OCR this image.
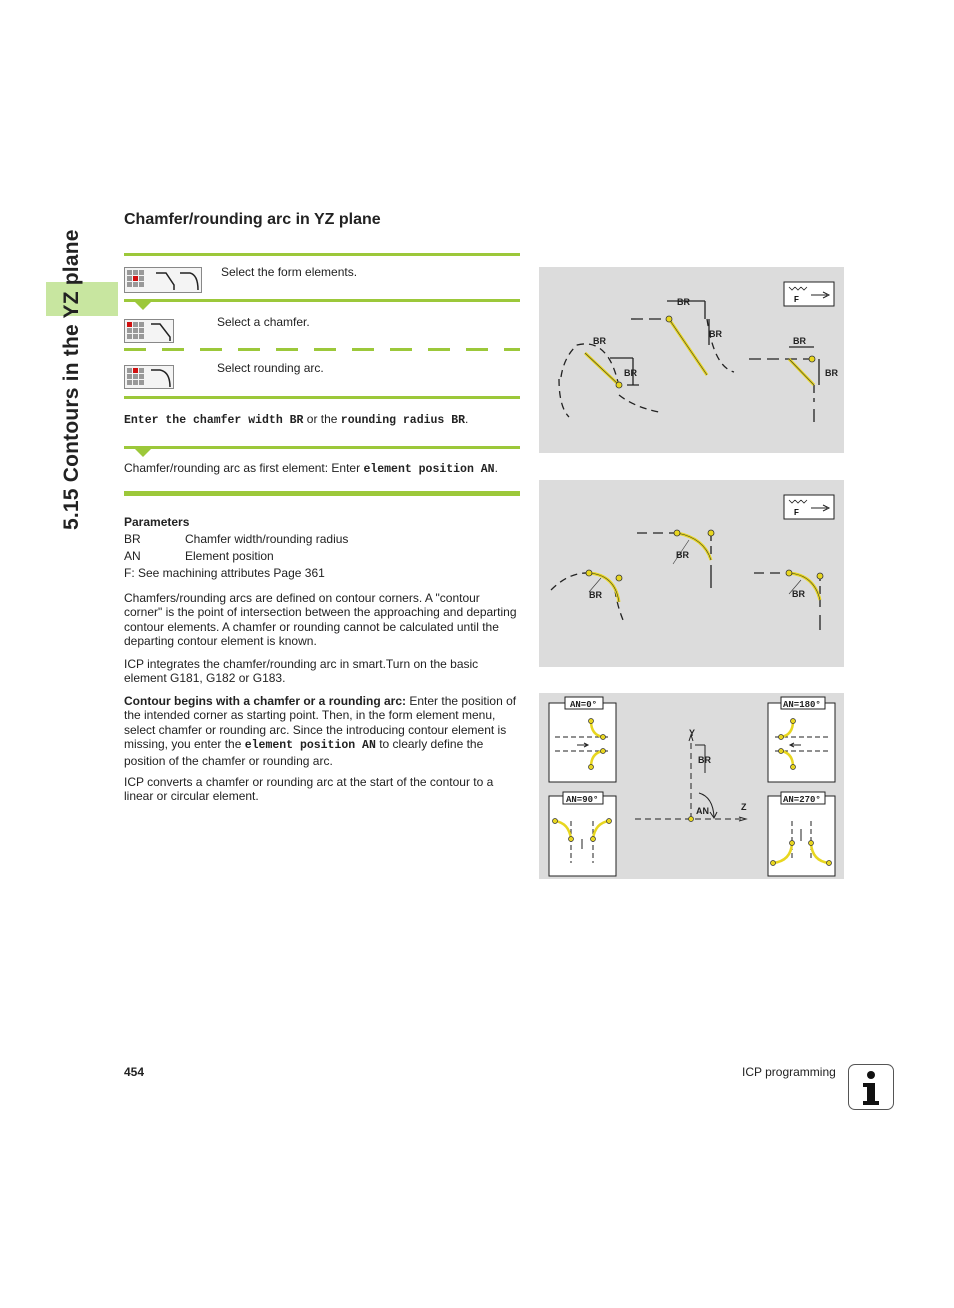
5.15 Contours in the YZ plane
Chamfer/rounding arc in YZ plane
Select the form elements.
Select a chamfer.
Select rounding arc.
Enter the chamfer width BR or the rounding radius BR.
Chamfer/rounding arc as first element: Enter element position AN.
Parameters
BR	Chamfer width/rounding radius
AN	Element position
F: See machining attributes Page 361
Chamfers/rounding arcs are defined on contour corners. A "contour corner" is the point of intersection between the approaching and departing contour elements. A chamfer or rounding cannot be calculated until the departing contour element is known.
ICP integrates the chamfer/rounding arc in smart.Turn on the basic element G181, G182 or G183.
Contour begins with a chamfer or a rounding arc: Enter the position of the intended corner as starting point. Then, in the form element menu, select chamfer or rounding arc. Since the introducing contour element is missing, you enter the element position AN to clearly define the position of the chamfer or rounding arc.
ICP converts a chamfer or rounding arc at the start of the contour to a linear or circular element.
BR
BR
BR
BR
BR
BR
F
BR
BR
BR
F
AN=0°	AN=180°
AN=90°	AN=270°
Y
Z
BR
AN
454	ICP programming
